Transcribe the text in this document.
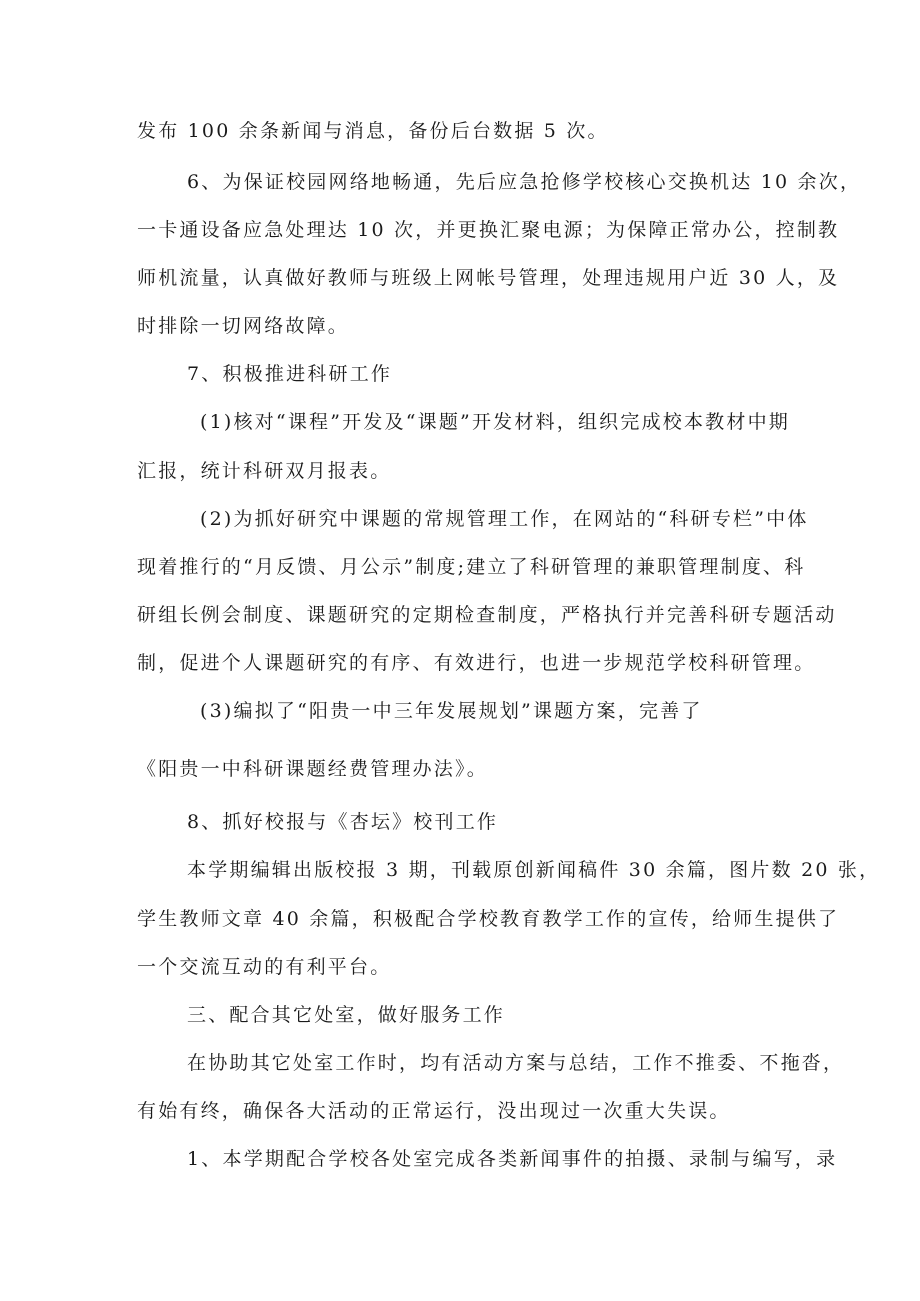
发布 100 余条新闻与消息，备份后台数据 5 次。
6、为保证校园网络地畅通，先后应急抢修学校核心交换机达 10 余次，
一卡通设备应急处理达 10 次，并更换汇聚电源；为保障正常办公，控制教
师机流量，认真做好教师与班级上网帐号管理，处理违规用户近 30 人，及
时排除一切网络故障。
7、积极推进科研工作
(1)核对“课程”开发及“课题”开发材料，组织完成校本教材中期
汇报，统计科研双月报表。
(2)为抓好研究中课题的常规管理工作，在网站的“科研专栏”中体
现着推行的“月反馈、月公示”制度;建立了科研管理的兼职管理制度、科
研组长例会制度、课题研究的定期检查制度，严格执行并完善科研专题活动
制，促进个人课题研究的有序、有效进行，也进一步规范学校科研管理。
(3)编拟了“阳贵一中三年发展规划”课题方案，完善了
《阳贵一中科研课题经费管理办法》。
8、抓好校报与《杏坛》校刊工作
本学期编辑出版校报 3 期，刊载原创新闻稿件 30 余篇，图片数 20 张，
学生教师文章 40 余篇，积极配合学校教育教学工作的宣传，给师生提供了
一个交流互动的有利平台。
三、配合其它处室，做好服务工作
在协助其它处室工作时，均有活动方案与总结，工作不推委、不拖沓，
有始有终，确保各大活动的正常运行，没出现过一次重大失误。
1、本学期配合学校各处室完成各类新闻事件的拍摄、录制与编写，录
